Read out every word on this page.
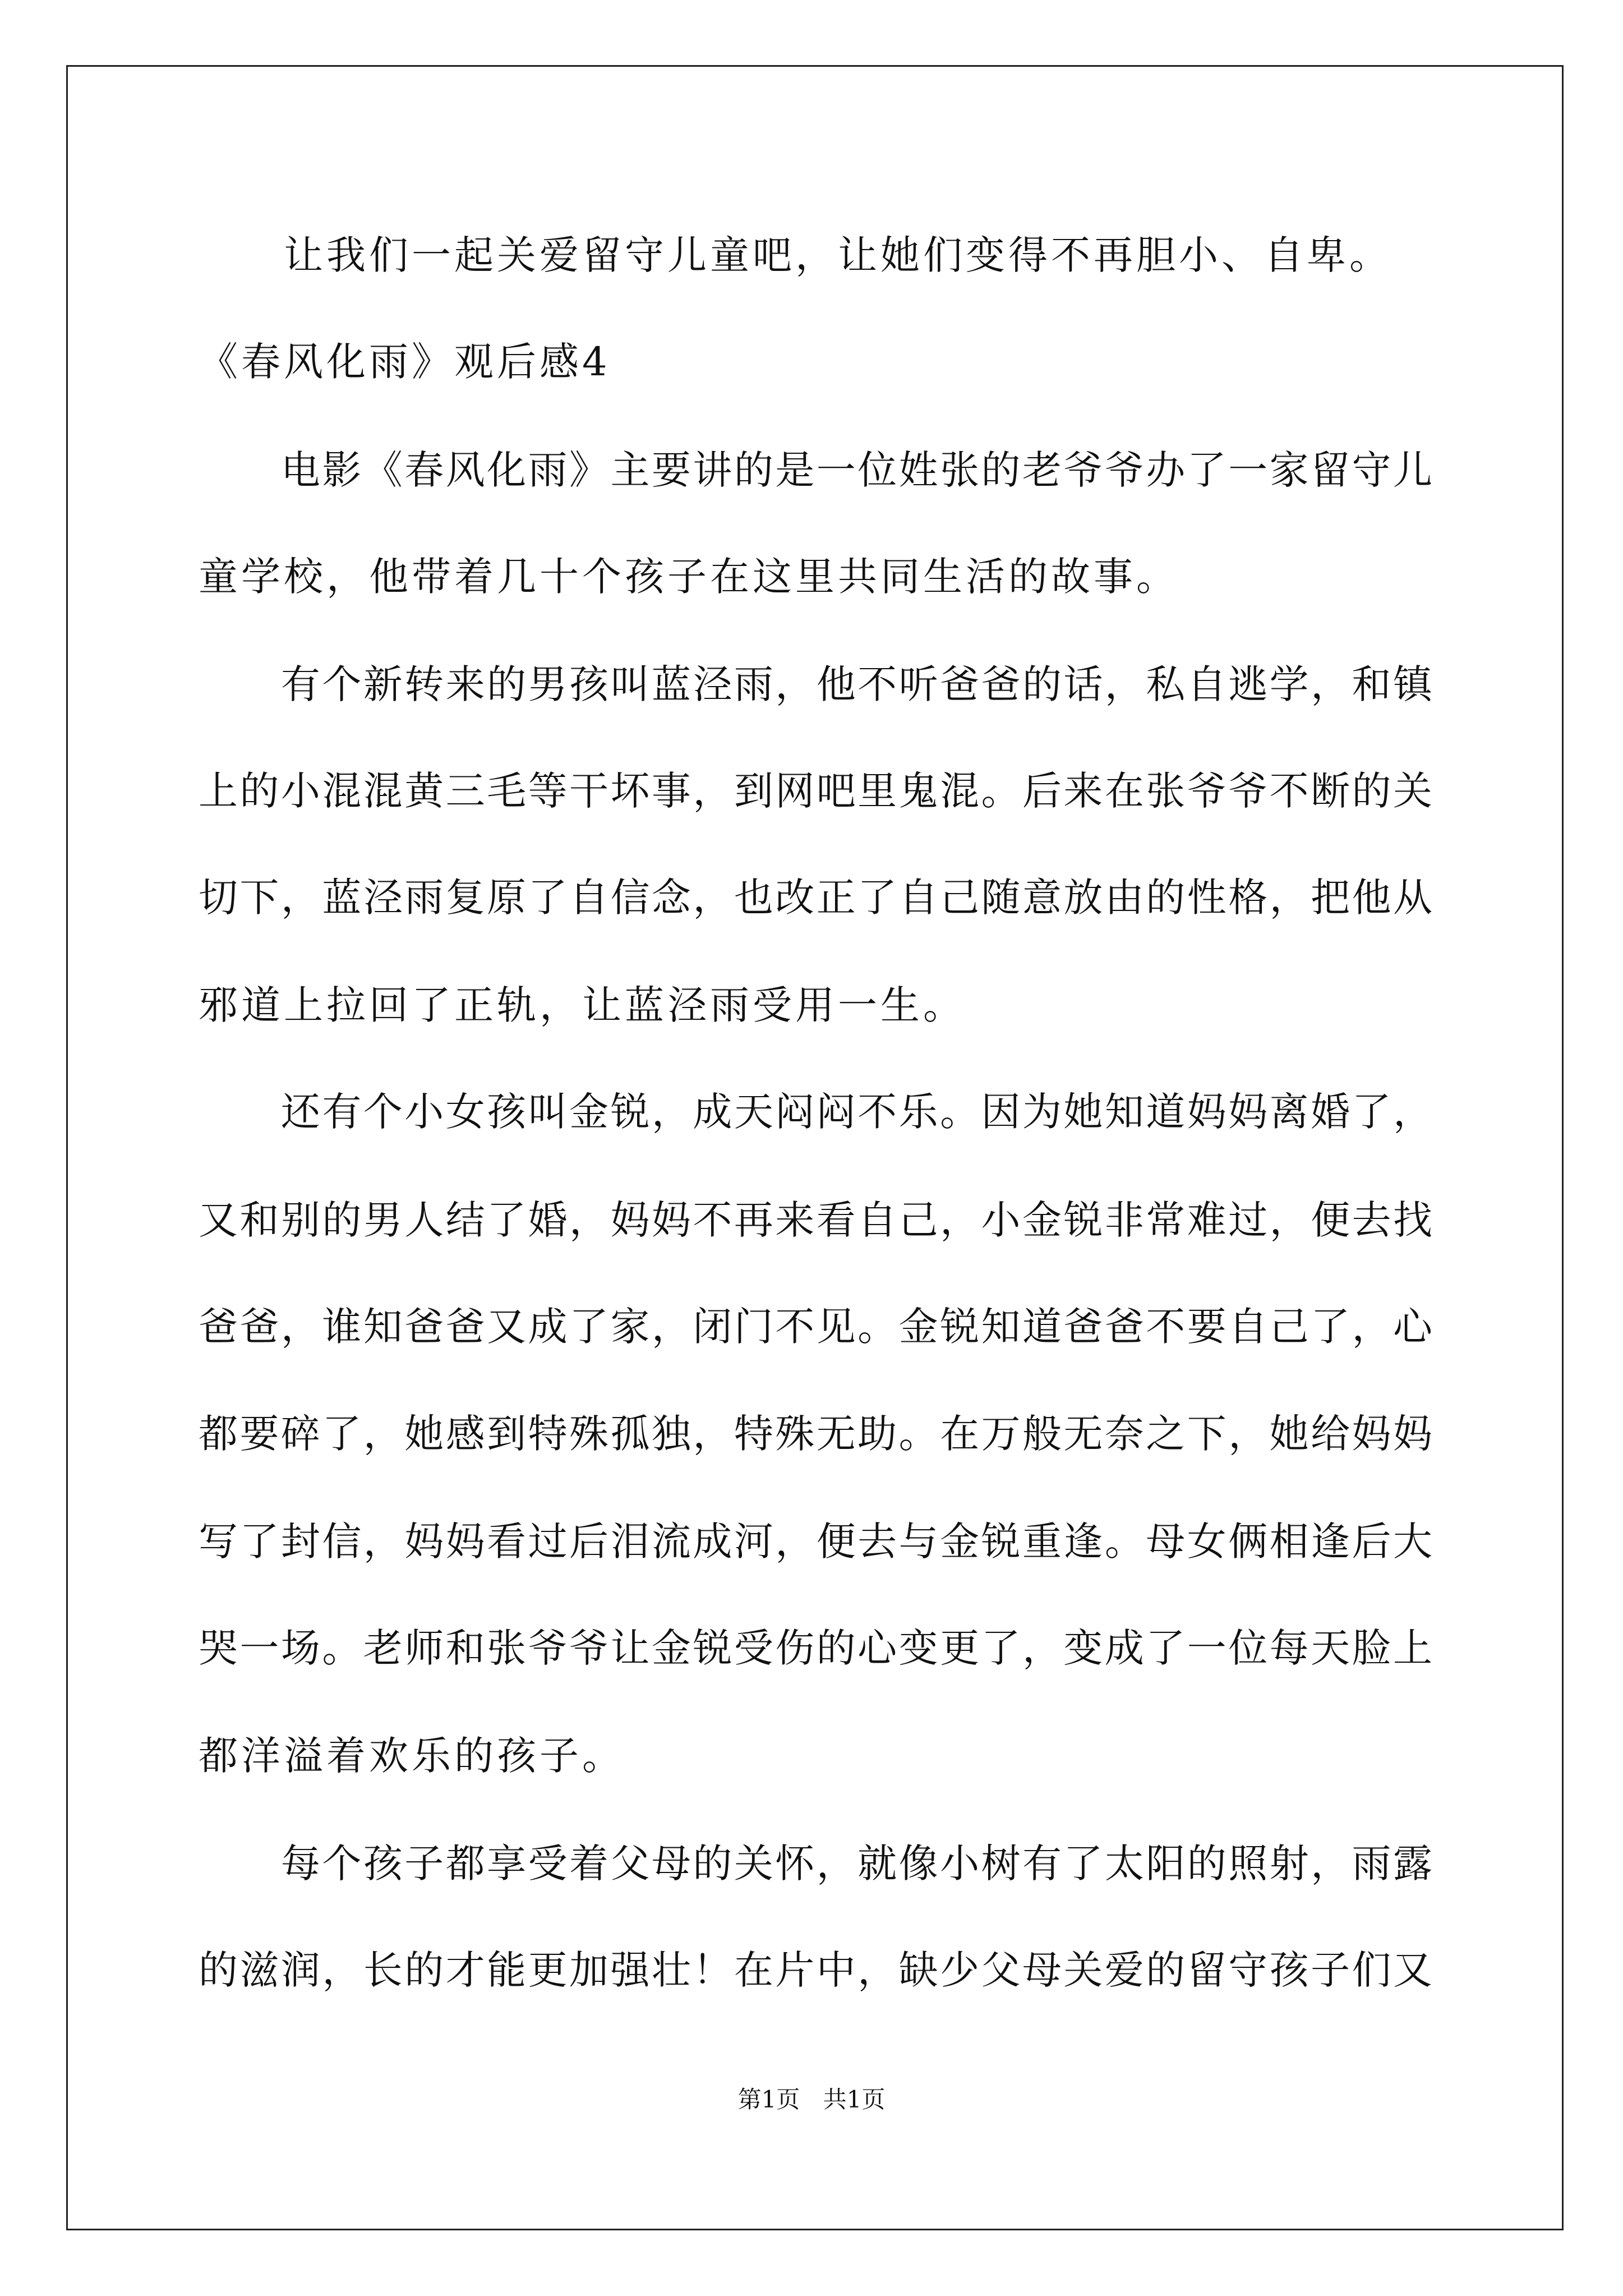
　　让我们一起关爱留守儿童吧，让她们变得不再胆小、自卑。
《春风化雨》观后感4
　　电影《春风化雨》主要讲的是一位姓张的老爷爷办了一家留守儿
童学校，他带着几十个孩子在这里共同生活的故事。
　　有个新转来的男孩叫蓝泾雨，他不听爸爸的话，私自逃学，和镇
上的小混混黄三毛等干坏事，到网吧里鬼混。后来在张爷爷不断的关
切下，蓝泾雨复原了自信念，也改正了自己随意放由的性格，把他从
邪道上拉回了正轨，让蓝泾雨受用一生。
　　还有个小女孩叫金锐，成天闷闷不乐。因为她知道妈妈离婚了，
又和别的男人结了婚，妈妈不再来看自己，小金锐非常难过，便去找
爸爸，谁知爸爸又成了家，闭门不见。金锐知道爸爸不要自己了，心
都要碎了，她感到特殊孤独，特殊无助。在万般无奈之下，她给妈妈
写了封信，妈妈看过后泪流成河，便去与金锐重逢。母女俩相逢后大
哭一场。老师和张爷爷让金锐受伤的心变更了，变成了一位每天脸上
都洋溢着欢乐的孩子。
　　每个孩子都享受着父母的关怀，就像小树有了太阳的照射，雨露
的滋润，长的才能更加强壮！在片中，缺少父母关爱的留守孩子们又
第1页 共1页
